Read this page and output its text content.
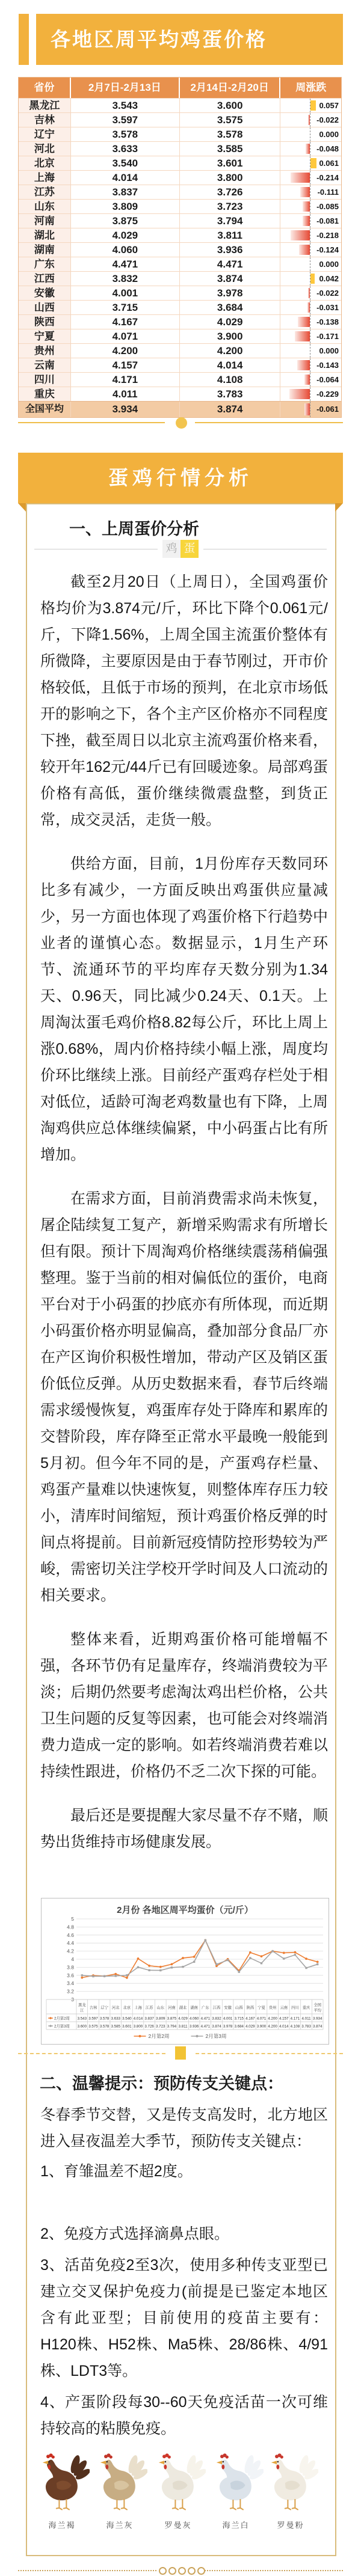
各地区周平均鸡蛋价格
省份	2月7日-2月13日	2月14日-2月20日	周涨跌
黑龙江	3.543	3.600	0.057
吉林	3.597	3.575	-0.022
辽宁	3.578	3.578	0.000
河北	3.633	3.585	-0.048
北京	3.540	3.601	0.061
上海	4.014	3.800	-0.214
江苏	3.837	3.726	-0.111
山东	3.809	3.723	-0.085
河南	3.875	3.794	-0.081
湖北	4.029	3.811	-0.218
湖南	4.060	3.936	-0.124
广东	4.471	4.471	0.000
江西	3.832	3.874	0.042
安徽	4.001	3.978	-0.022
山西	3.715	3.684	-0.031
陕西	4.167	4.029	-0.138
宁夏	4.071	3.900	-0.171
贵州	4.200	4.200	0.000
云南	4.157	4.014	-0.143
四川	4.171	4.108	-0.064
重庆	4.011	3.783	-0.229
全国平均	3.934	3.874	-0.061
蛋鸡行情分析
一、上周蛋价分析
鸡 蛋

截至2月20日（上周日），全国鸡蛋价格均价为3.874元/斤，环比下降个0.061元/斤，下降1.56%，上周全国主流蛋价整体有所微降，主要原因是由于春节刚过，开市价格较低，且低于市场的预判，在北京市场低开的影响之下，各个主产区价格亦不同程度下挫，截至周日以北京主流鸡蛋价格来看，较开年162元/44斤已有回暖迹象。局部鸡蛋价格有高低，蛋价继续微震盘整，到货正常，成交灵活，走货一般。

供给方面，目前，1月份库存天数同环比多有减少，一方面反映出鸡蛋供应量减少，另一方面也体现了鸡蛋价格下行趋势中业者的谨慎心态。数据显示，1月生产环节、流通环节的平均库存天数分别为1.34天、0.96天，同比减少0.24天、0.1天。上周淘汰蛋毛鸡价格8.82每公斤，环比上周上涨0.68%，周内价格持续小幅上涨，周度均价环比继续上涨。目前经产蛋鸡存栏处于相对低位，适龄可淘老鸡数量也有下降，上周淘鸡供应总体继续偏紧，中小码蛋占比有所增加。

在需求方面，目前消费需求尚未恢复，屠企陆续复工复产，新增采购需求有所增长但有限。预计下周淘鸡价格继续震荡稍偏强整理。鉴于当前的相对偏低位的蛋价，电商平台对于小码蛋的抄底亦有所体现，而近期小码蛋价格亦明显偏高，叠加部分食品厂亦在产区询价积极性增加，带动产区及销区蛋价低位反弹。从历史数据来看，春节后终端需求缓慢恢复，鸡蛋库存处于降库和累库的交替阶段，库存降至正常水平最晚一般能到5月初。但今年不同的是，产蛋鸡存栏量、鸡蛋产量难以快速恢复，则整体库存压力较小，清库时间缩短，预计鸡蛋价格反弹的时间点将提前。目前新冠疫情防控形势较为严峻，需密切关注学校开学时间及人口流动的相关要求。

整体来看，近期鸡蛋价格可能增幅不强，各环节仍有足量库存，终端消费较为平淡；后期仍然要考虑淘汰鸡出栏价格，公共卫生问题的反复等因素，也可能会对终端消费力造成一定的影响。如若终端消费若难以持续性跟进，价格仍不乏二次下探的可能。

最后还是要提醒大家尽量不存不赌，顺势出货维持市场健康发展。

2月份 各地区周平均蛋价（元/斤）
3
3.2
3.4
3.6
3.8
4
4.2
4.4
4.6
4.8
5
黑龙
江
吉林 辽宁 河北 北京 上海 江苏 山东 河南 湖北 湖南 广东 江西 安徽 山西 陕西 宁夏 贵州 云南 四川 重庆
全国
平均
2月第2周 3.543 3.597 3.578 3.633 3.540 4.014 3.837 3.809 3.875 4.029 4.060 4.471 3.832 4.001 3.715 4.167 4.071 4.200 4.157 4.171 4.011 3.934
2月第3周 3.600 3.575 3.578 3.585 3.601 3.800 3.726 3.723 3.794 3.811 3.936 4.471 3.874 3.978 3.684 4.029 3.900 4.200 4.014 4.108 3.783 3.874
2月第2周	2月第3周
二、温馨提示：预防传支关键点：

冬春季节交替，又是传支高发时，北方地区进入昼夜温差大季节，预防传支关键点：

1、育雏温差不超2度。

2、免疫方式选择滴鼻点眼。

3、活苗免疫2至3次，使用多种传支亚型已建立交叉保护免疫力(前提是已鉴定本地区含有此亚型；目前使用的疫苗主要有：H120株、H52株、Ma5株、28/86株、4/91株、LDT3等。

4、产蛋阶段每30--60天免疫活苗一次可维持较高的粘膜免疫。

海兰褐	海兰灰	罗曼灰	海兰白	罗曼粉
